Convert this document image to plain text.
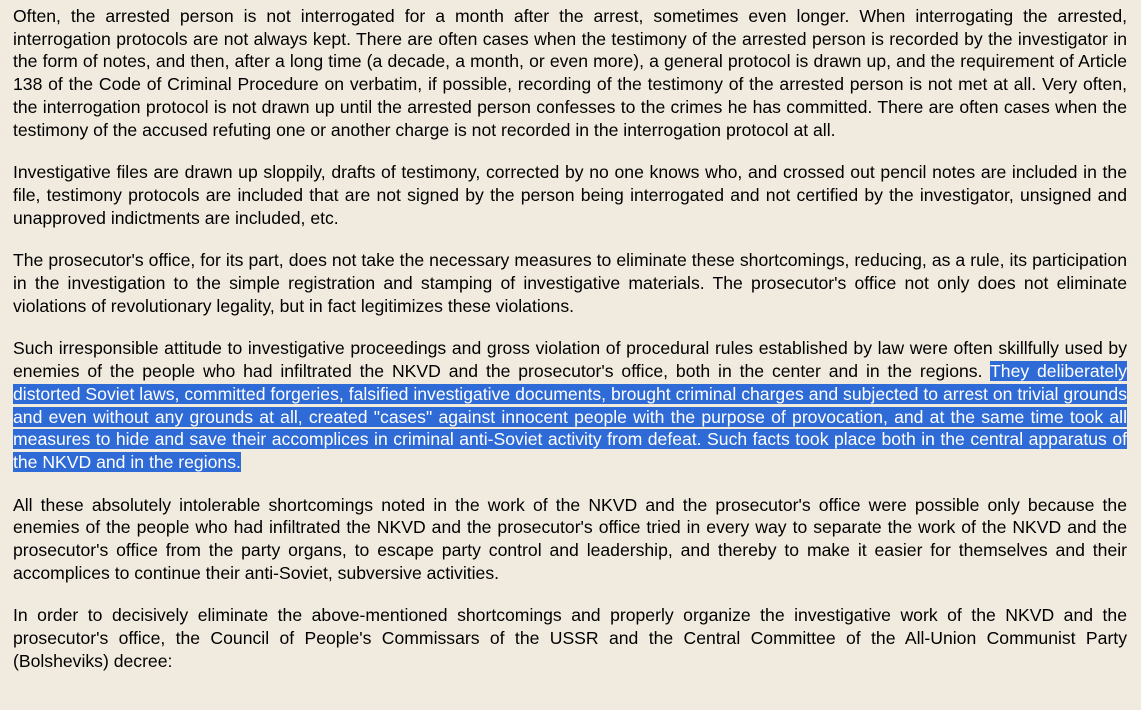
Often, the arrested person is not interrogated for a month after the arrest, sometimes even longer. When interrogating the arrested, interrogation protocols are not always kept. There are often cases when the testimony of the arrested person is recorded by the investigator in the form of notes, and then, after a long time (a decade, a month, or even more), a general protocol is drawn up, and the requirement of Article 138 of the Code of Criminal Procedure on verbatim, if possible, recording of the testimony of the arrested person is not met at all. Very often, the interrogation protocol is not drawn up until the arrested person confesses to the crimes he has committed. There are often cases when the testimony of the accused refuting one or another charge is not recorded in the interrogation protocol at all.

Investigative files are drawn up sloppily, drafts of testimony, corrected by no one knows who, and crossed out pencil notes are included in the file, testimony protocols are included that are not signed by the person being interrogated and not certified by the investigator, unsigned and unapproved indictments are included, etc.

The prosecutor's office, for its part, does not take the necessary measures to eliminate these shortcomings, reducing, as a rule, its participation in the investigation to the simple registration and stamping of investigative materials. The prosecutor's office not only does not eliminate violations of revolutionary legality, but in fact legitimizes these violations.

Such irresponsible attitude to investigative proceedings and gross violation of procedural rules established by law were often skillfully used by enemies of the people who had infiltrated the NKVD and the prosecutor's office, both in the center and in the regions. They deliberately distorted Soviet laws, committed forgeries, falsified investigative documents, brought criminal charges and subjected to arrest on trivial grounds and even without any grounds at all, created "cases" against innocent people with the purpose of provocation, and at the same time took all measures to hide and save their accomplices in criminal anti-Soviet activity from defeat. Such facts took place both in the central apparatus of the NKVD and in the regions.

All these absolutely intolerable shortcomings noted in the work of the NKVD and the prosecutor's office were possible only because the enemies of the people who had infiltrated the NKVD and the prosecutor's office tried in every way to separate the work of the NKVD and the prosecutor's office from the party organs, to escape party control and leadership, and thereby to make it easier for themselves and their accomplices to continue their anti-Soviet, subversive activities.

In order to decisively eliminate the above-mentioned shortcomings and properly organize the investigative work of the NKVD and the prosecutor's office, the Council of People's Commissars of the USSR and the Central Committee of the All-Union Communist Party (Bolsheviks) decree:
